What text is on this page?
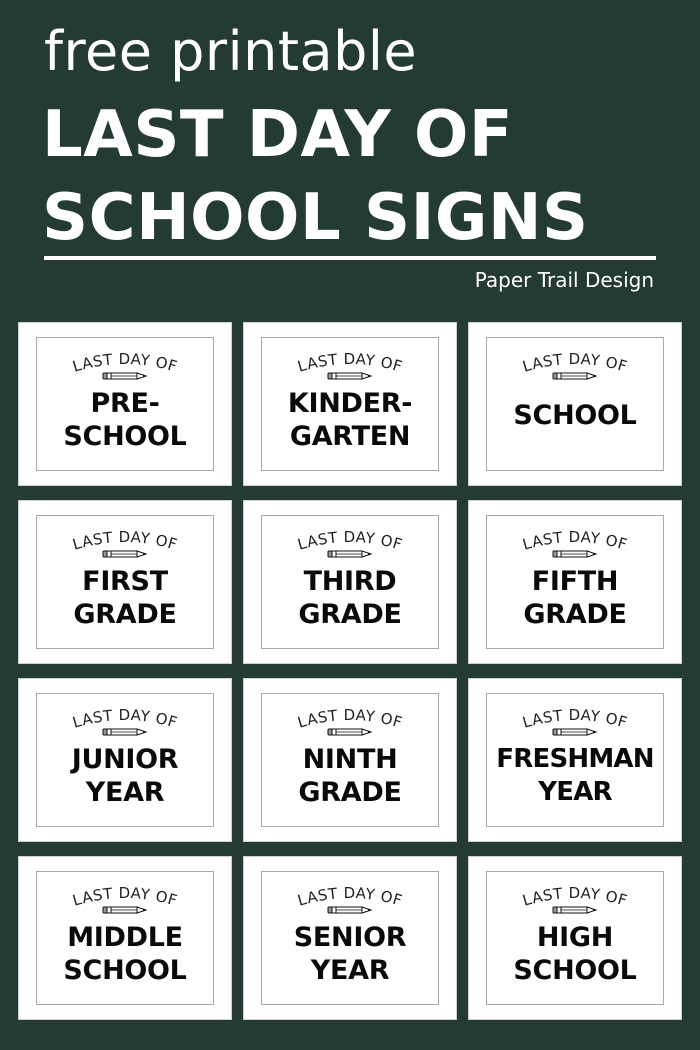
free printable
LAST DAY OF
SCHOOL SIGNS
Paper Trail Design
LAST DAY OF
PRE-
SCHOOL
LAST DAY OF
KINDER-
GARTEN
LAST DAY OF
SCHOOL
LAST DAY OF
FIRST
GRADE
LAST DAY OF
THIRD
GRADE
LAST DAY OF
FIFTH
GRADE
LAST DAY OF
JUNIOR
YEAR
LAST DAY OF
NINTH
GRADE
LAST DAY OF
FRESHMAN
YEAR
LAST DAY OF
MIDDLE
SCHOOL
LAST DAY OF
SENIOR
YEAR
LAST DAY OF
HIGH
SCHOOL
